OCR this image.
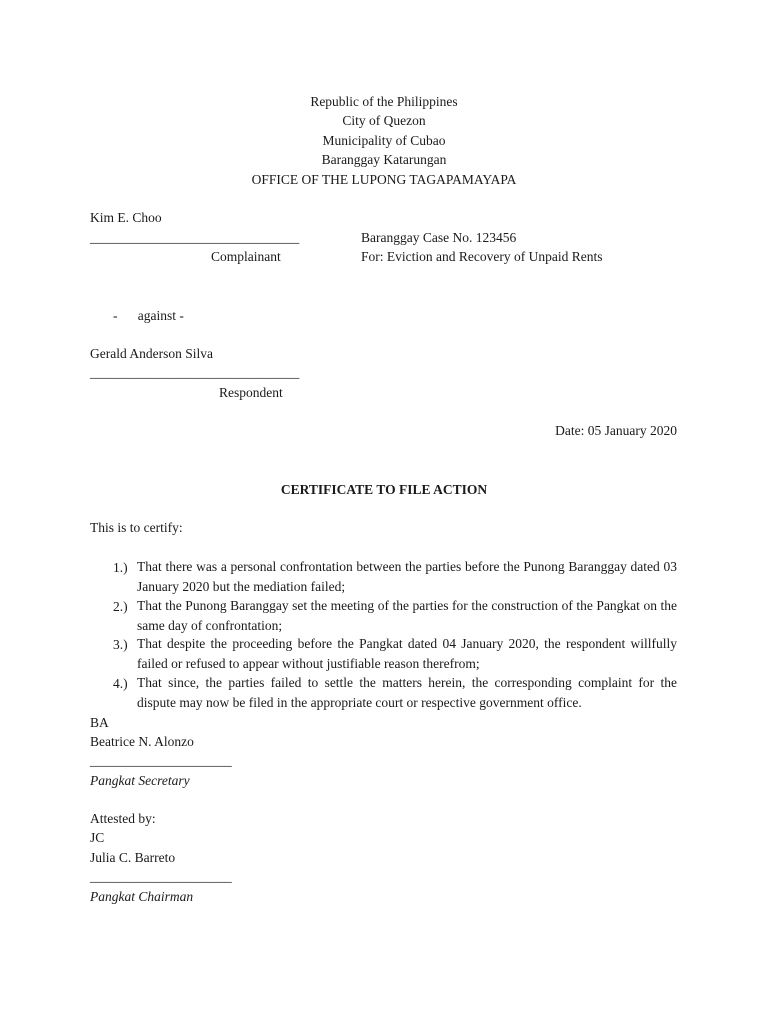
Republic of the Philippines
City of Quezon
Municipality of Cubao
Baranggay Katarungan
OFFICE OF THE LUPONG TAGAPAMAYAPA
Kim E. Choo
_______________________________
Complainant
Baranggay Case No. 123456
For: Eviction and Recovery of Unpaid Rents
-      against -
Gerald Anderson Silva
_______________________________
Respondent
Date: 05 January 2020
CERTIFICATE TO FILE ACTION
This is to certify:
1.) That there was a personal confrontation between the parties before the Punong Baranggay dated 03 January 2020 but the mediation failed;
2.) That the Punong Baranggay set the meeting of the parties for the construction of the Pangkat on the same day of confrontation;
3.) That despite the proceeding before the Pangkat dated 04 January 2020, the respondent willfully failed or refused to appear without justifiable reason therefrom;
4.) That since, the parties failed to settle the matters herein, the corresponding complaint for the dispute may now be filed in the appropriate court or respective government office.
BA
Beatrice N. Alonzo
_____________________
Pangkat Secretary
Attested by:
JC
Julia C. Barreto
_____________________
Pangkat Chairman
